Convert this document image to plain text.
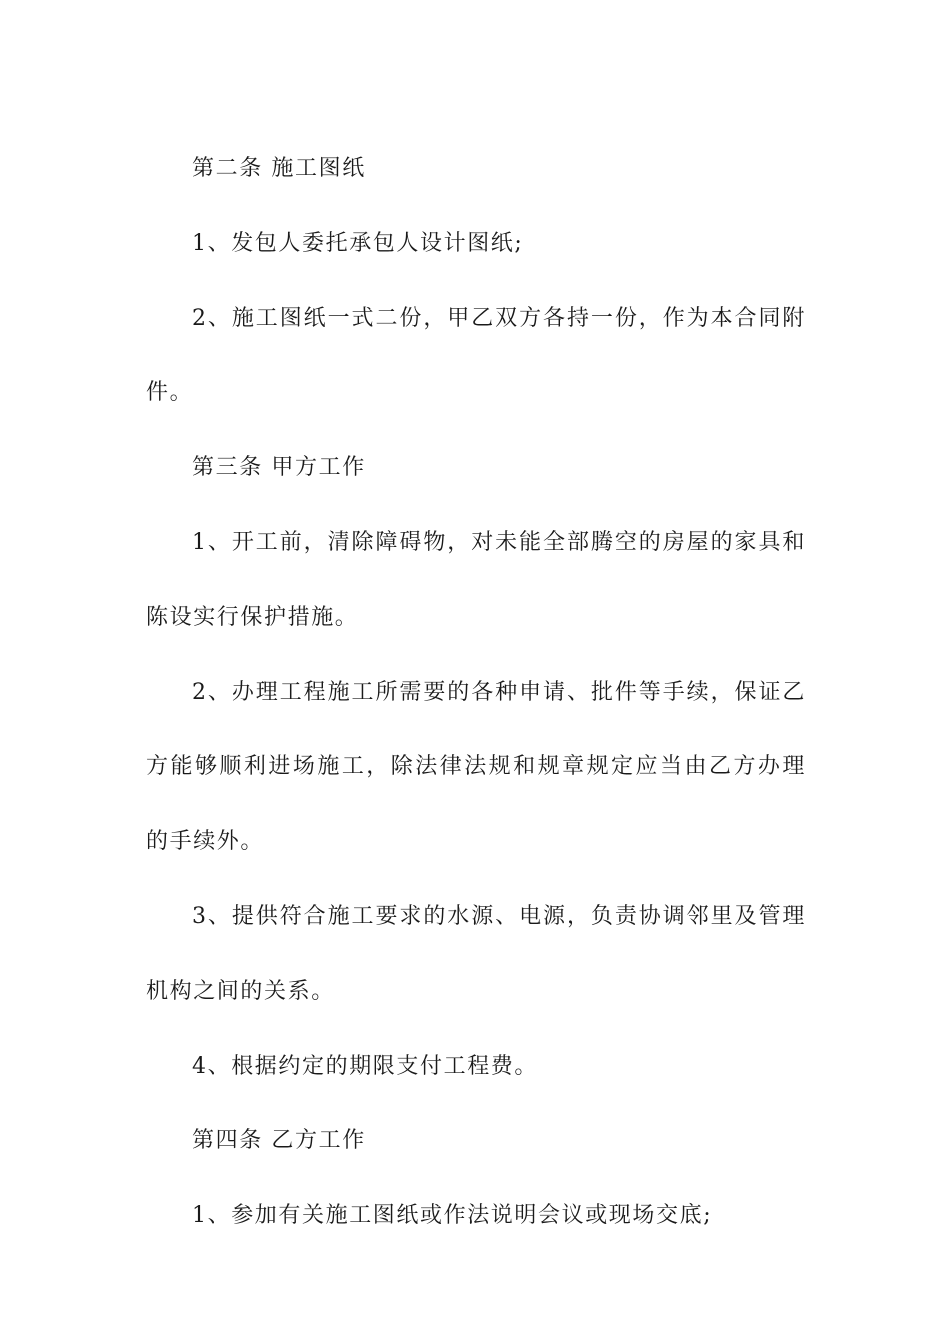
第二条 施工图纸

1、发包人委托承包人设计图纸;

2、施工图纸一式二份，甲乙双方各持一份，作为本合同附件。

第三条 甲方工作

1、开工前，清除障碍物，对未能全部腾空的房屋的家具和陈设实行保护措施。

2、办理工程施工所需要的各种申请、批件等手续，保证乙方能够顺利进场施工，除法律法规和规章规定应当由乙方办理的手续外。

3、提供符合施工要求的水源、电源，负责协调邻里及管理机构之间的关系。

4、根据约定的期限支付工程费。

第四条 乙方工作

1、参加有关施工图纸或作法说明会议或现场交底;
